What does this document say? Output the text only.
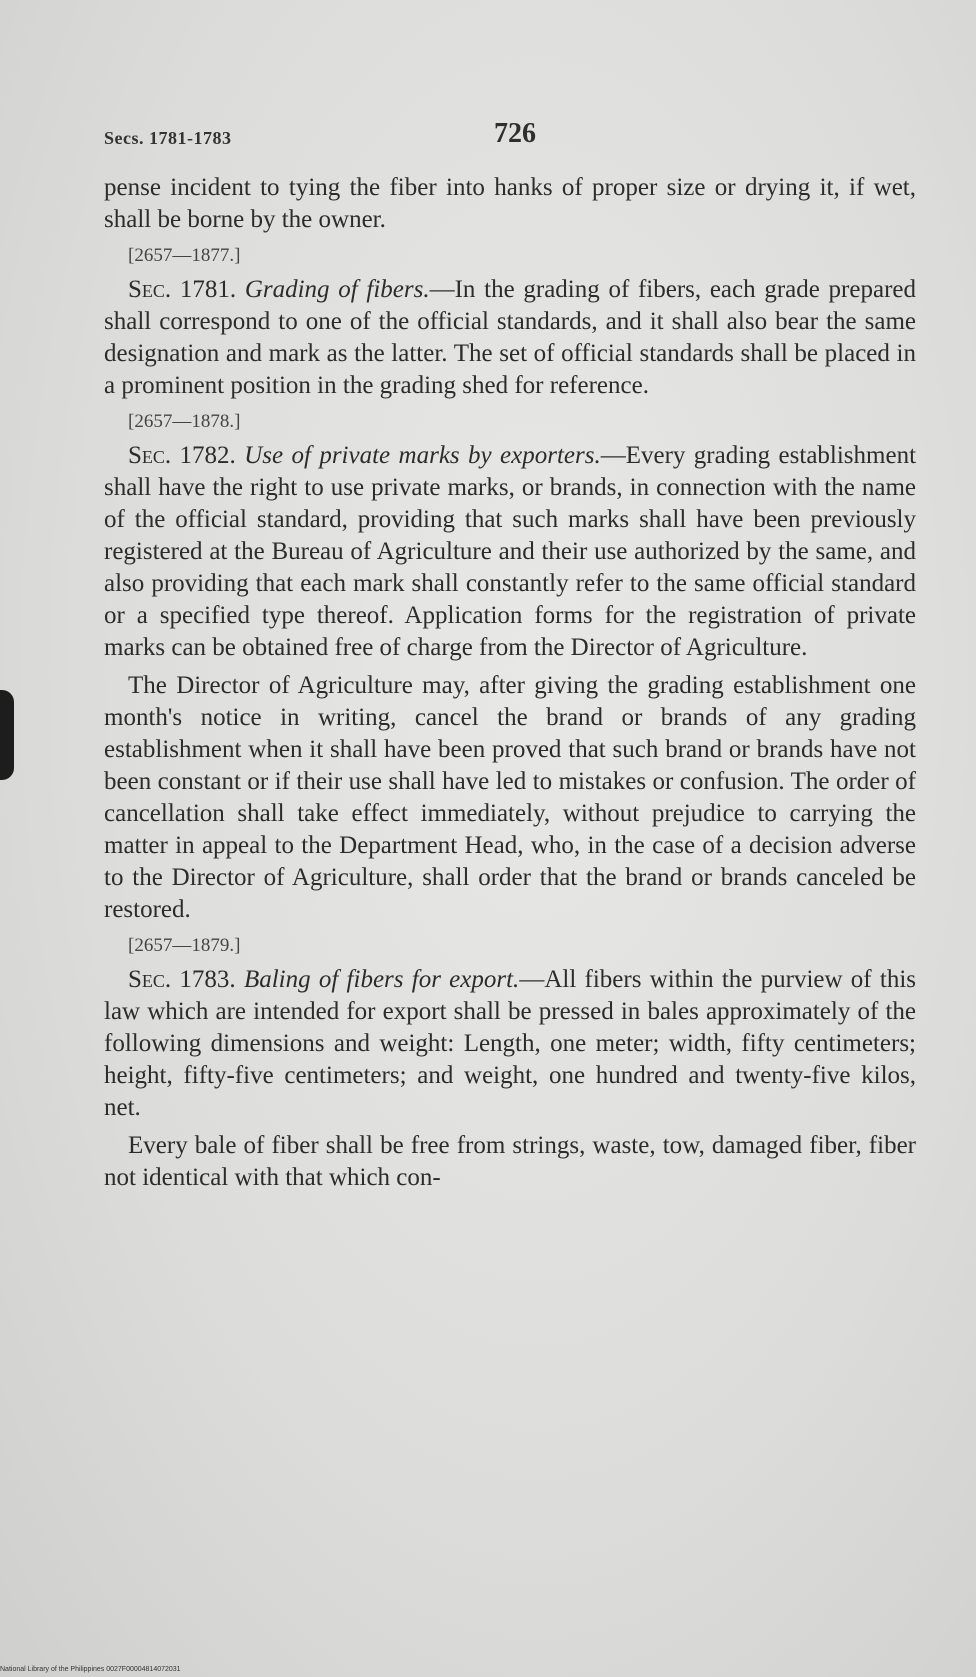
Secs. 1781-1783	726

pense incident to tying the fiber into hanks of proper size or drying it, if wet, shall be borne by the owner.

[2657—1877.]

Sec. 1781. Grading of fibers.—In the grading of fibers, each grade prepared shall correspond to one of the official standards, and it shall also bear the same designation and mark as the latter. The set of official standards shall be placed in a prominent position in the grading shed for reference.

[2657—1878.]

Sec. 1782. Use of private marks by exporters.—Every grading establishment shall have the right to use private marks, or brands, in connection with the name of the official standard, providing that such marks shall have been previously registered at the Bureau of Agriculture and their use authorized by the same, and also providing that each mark shall constantly refer to the same official standard or a specified type thereof. Application forms for the registration of private marks can be obtained free of charge from the Director of Agriculture.

The Director of Agriculture may, after giving the grading establishment one month's notice in writing, cancel the brand or brands of any grading establishment when it shall have been proved that such brand or brands have not been constant or if their use shall have led to mistakes or confusion. The order of cancellation shall take effect immediately, without prejudice to carrying the matter in appeal to the Department Head, who, in the case of a decision adverse to the Director of Agriculture, shall order that the brand or brands canceled be restored.

[2657—1879.]

Sec. 1783. Baling of fibers for export.—All fibers within the purview of this law which are intended for export shall be pressed in bales approximately of the following dimensions and weight: Length, one meter; width, fifty centimeters; height, fifty-five centimeters; and weight, one hundred and twenty-five kilos, net.

Every bale of fiber shall be free from strings, waste, tow, damaged fiber, fiber not identical with that which con-

National Library of the Philippines 0027F00004814072031
